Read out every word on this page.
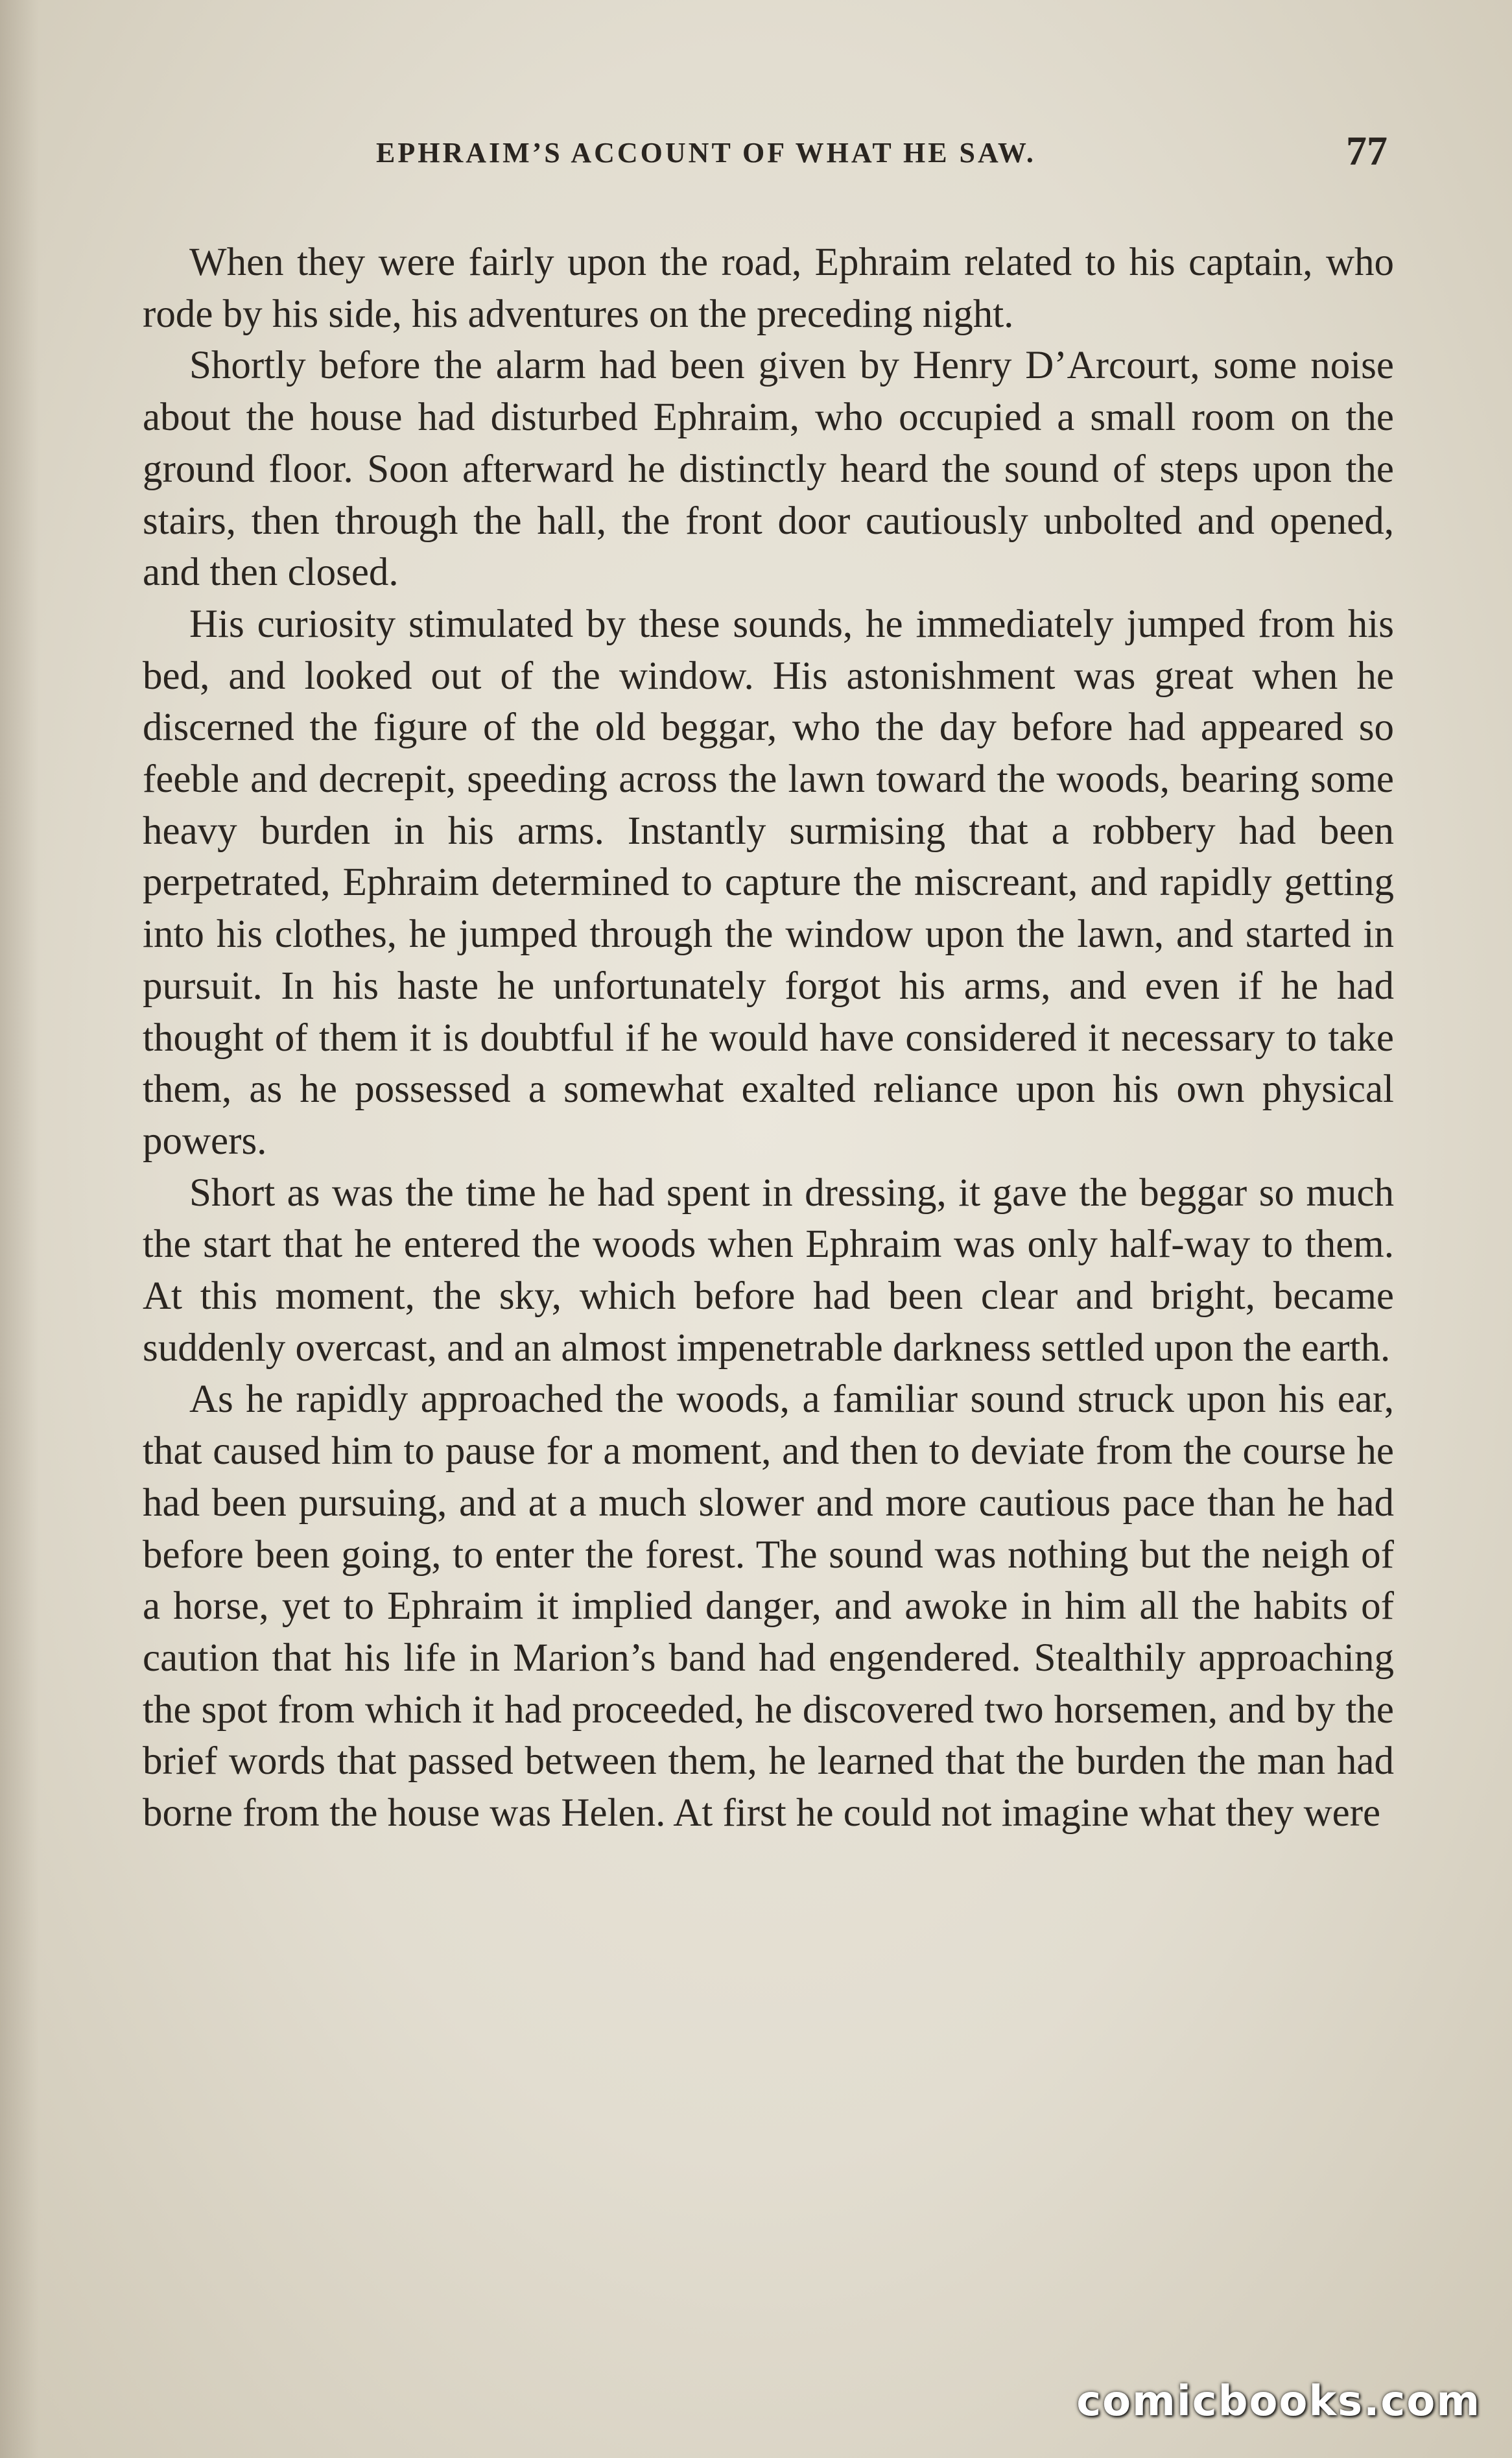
EPHRAIM’S ACCOUNT OF WHAT HE SAW.	77

When they were fairly upon the road, Ephraim related to his captain, who rode by his side, his adventures on the preceding night.

Shortly before the alarm had been given by Henry D’Arcourt, some noise about the house had disturbed Ephraim, who occupied a small room on the ground floor. Soon afterward he distinctly heard the sound of steps upon the stairs, then through the hall, the front door cautiously unbolted and opened, and then closed.

His curiosity stimulated by these sounds, he immediately jumped from his bed, and looked out of the window. His astonishment was great when he discerned the figure of the old beggar, who the day before had appeared so feeble and decrepit, speeding across the lawn toward the woods, bearing some heavy burden in his arms. Instantly surmising that a robbery had been perpetrated, Ephraim determined to capture the miscreant, and rapidly getting into his clothes, he jumped through the window upon the lawn, and started in pursuit. In his haste he unfortunately forgot his arms, and even if he had thought of them it is doubtful if he would have considered it necessary to take them, as he possessed a somewhat exalted reliance upon his own physical powers.

Short as was the time he had spent in dressing, it gave the beggar so much the start that he entered the woods when Ephraim was only half-way to them. At this moment, the sky, which before had been clear and bright, became suddenly overcast, and an almost impenetrable darkness settled upon the earth.

As he rapidly approached the woods, a familiar sound struck upon his ear, that caused him to pause for a moment, and then to deviate from the course he had been pursuing, and at a much slower and more cautious pace than he had before been going, to enter the forest. The sound was nothing but the neigh of a horse, yet to Ephraim it implied danger, and awoke in him all the habits of caution that his life in Marion’s band had engendered. Stealthily approaching the spot from which it had proceeded, he discovered two horsemen, and by the brief words that passed between them, he learned that the burden the man had borne from the house was Helen. At first he could not imagine what they were

comicbooks.com
